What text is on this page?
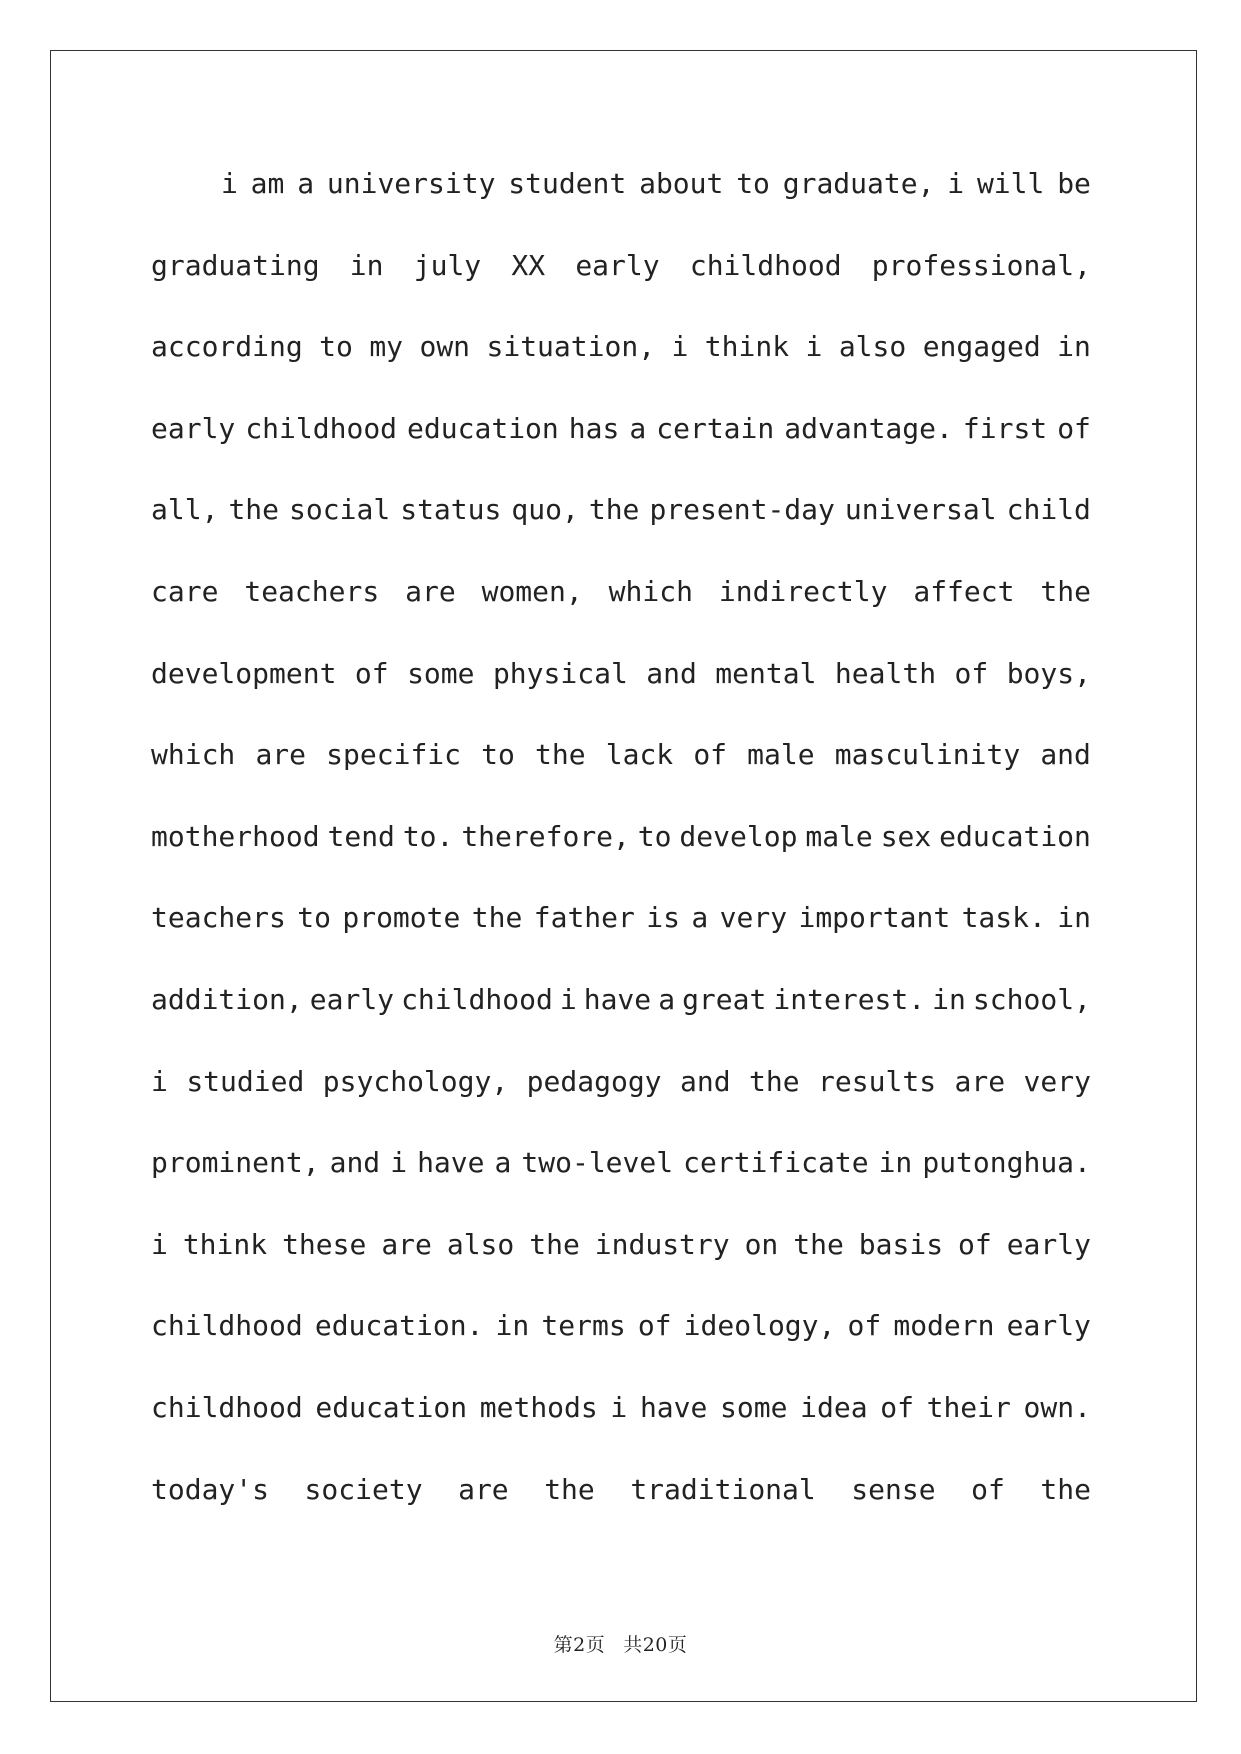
i am a university student about to graduate, i will be
graduating in july XX early childhood professional,
according to my own situation, i think i also engaged in
early childhood education has a certain advantage. first of
all, the social status quo, the present-day universal child
care teachers are women, which indirectly affect the
development of some physical and mental health of boys,
which are specific to the lack of male masculinity and
motherhood tend to. therefore, to develop male sex education
teachers to promote the father is a very important task. in
addition, early childhood i have a great interest. in school,
i studied psychology, pedagogy and the results are very
prominent, and i have a two-level certificate in putonghua.
i think these are also the industry on the basis of early
childhood education. in terms of ideology, of modern early
childhood education methods i have some idea of their own.
today's society are the traditional sense of the
第2页 共20页
